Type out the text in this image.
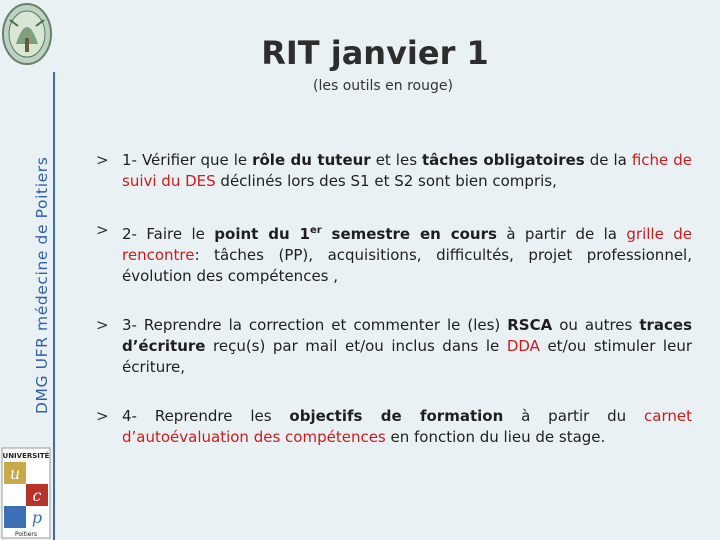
DMG UFR médecine de Poitiers
UNIVERSITÉ
u
c
p
Poitiers
RIT janvier 1
(les outils en rouge)
> 1- Vérifier que le rôle du tuteur et les tâches obligatoires de la fiche de suivi du DES déclinés lors des S1 et S2 sont bien compris,
> 2- Faire le point du 1er semestre en cours à partir de la grille de rencontre: tâches (PP), acquisitions, difficultés, projet professionnel, évolution des compétences ,
> 3- Reprendre la correction et commenter le (les) RSCA ou autres traces d’écriture reçu(s) par mail et/ou inclus dans le DDA et/ou stimuler leur écriture,
> 4- Reprendre les objectifs de formation à partir du carnet d’autoévaluation des compétences en fonction du lieu de stage.
